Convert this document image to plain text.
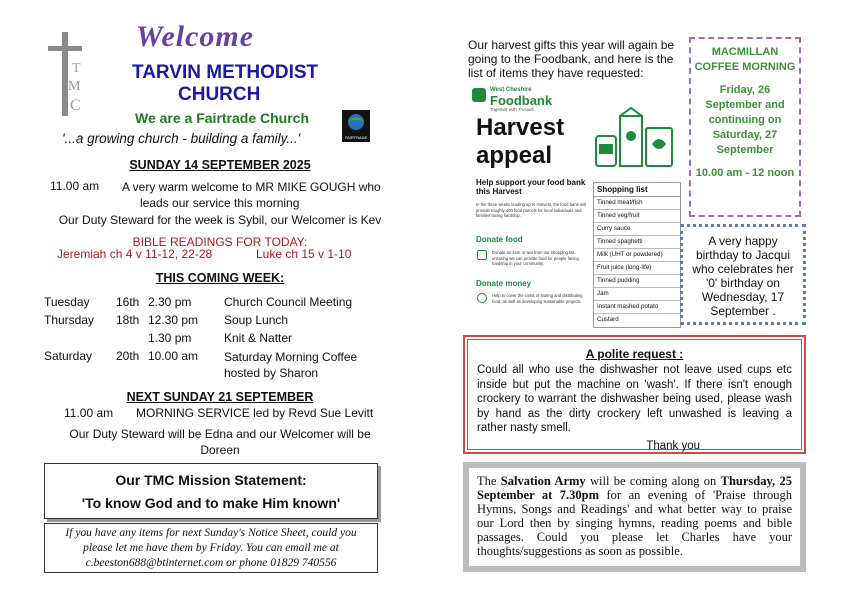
T
M
C
Welcome
TARVIN METHODIST
CHURCH
We are a Fairtrade Church
FAIRTRADE
'...a growing church - building a family...'
SUNDAY 14 SEPTEMBER 2025
11.00 am A very warm welcome to MR MIKE GOUGH who
leads our service this morning
Our Duty Steward for the week is Sybil, our Welcomer is Kev
BIBLE READINGS FOR TODAY:
Jeremiah ch 4 v 11-12, 22-28	Luke ch 15 v 1-10
THIS COMING WEEK:
Tuesday 16th 2.30 pm	Church Council Meeting
Thursday 18th 12.30 pm Soup Lunch
1.30 pm	Knit & Natter
Saturday 20th 10.00 am Saturday Morning Coffee
hosted by Sharon
NEXT SUNDAY 21 SEPTEMBER
11.00 am MORNING SERVICE led by Revd Sue Levitt
Our Duty Steward will be Edna and our Welcomer will be
Doreen
Our TMC Mission Statement:
'To know God and to make Him known'
If you have any items for next Sunday's Notice Sheet, could you
please let me have them by Friday. You can email me at
c.beeston688@btinternet.com or phone 01829 740556
Our harvest gifts this year will again be going to the Foodbank, and here is the list of items they have requested:
West Cheshire
Foodbank
Together with Trussell
Harvest
appeal
Help support your food bank this Harvest
In the three weeks leading up to Harvest, the food bank will provide roughly 400 food parcels for local individuals and families facing hardship.
Donate food
Donate an item or two from our shopping list, ensuring we can provide food for people facing hardship in your community.
Donate money
Help to cover the costs of storing and distributing food, as well as developing sustainable projects.
Shopping list
Tinned meat/fish
Tinned veg/fruit
Curry sauce
Tinned spaghetti
Milk (UHT or powdered)
Fruit juice (long-life)
Tinned pudding
Jam
Instant mashed potato
Custard
MACMILLAN COFFEE MORNING
Friday, 26 September and continuing on Saturday, 27 September
10.00 am - 12 noon
A very happy birthday to Jacqui who celebrates her '0' birthday on Wednesday, 17 September .
A polite request :
Could all who use the dishwasher not leave used cups etc inside but put the machine on 'wash'. If there isn't enough crockery to warrant the dishwasher being used, please wash by hand as the dirty crockery left unwashed is leaving a rather nasty smell.
Thank you
The Salvation Army will be coming along on Thursday, 25 September at 7.30pm for an evening of 'Praise through Hymns, Songs and Readings' and what better way to praise our Lord then by singing hymns, reading poems and bible passages. Could you please let Charles have your thoughts/suggestions as soon as possible.
